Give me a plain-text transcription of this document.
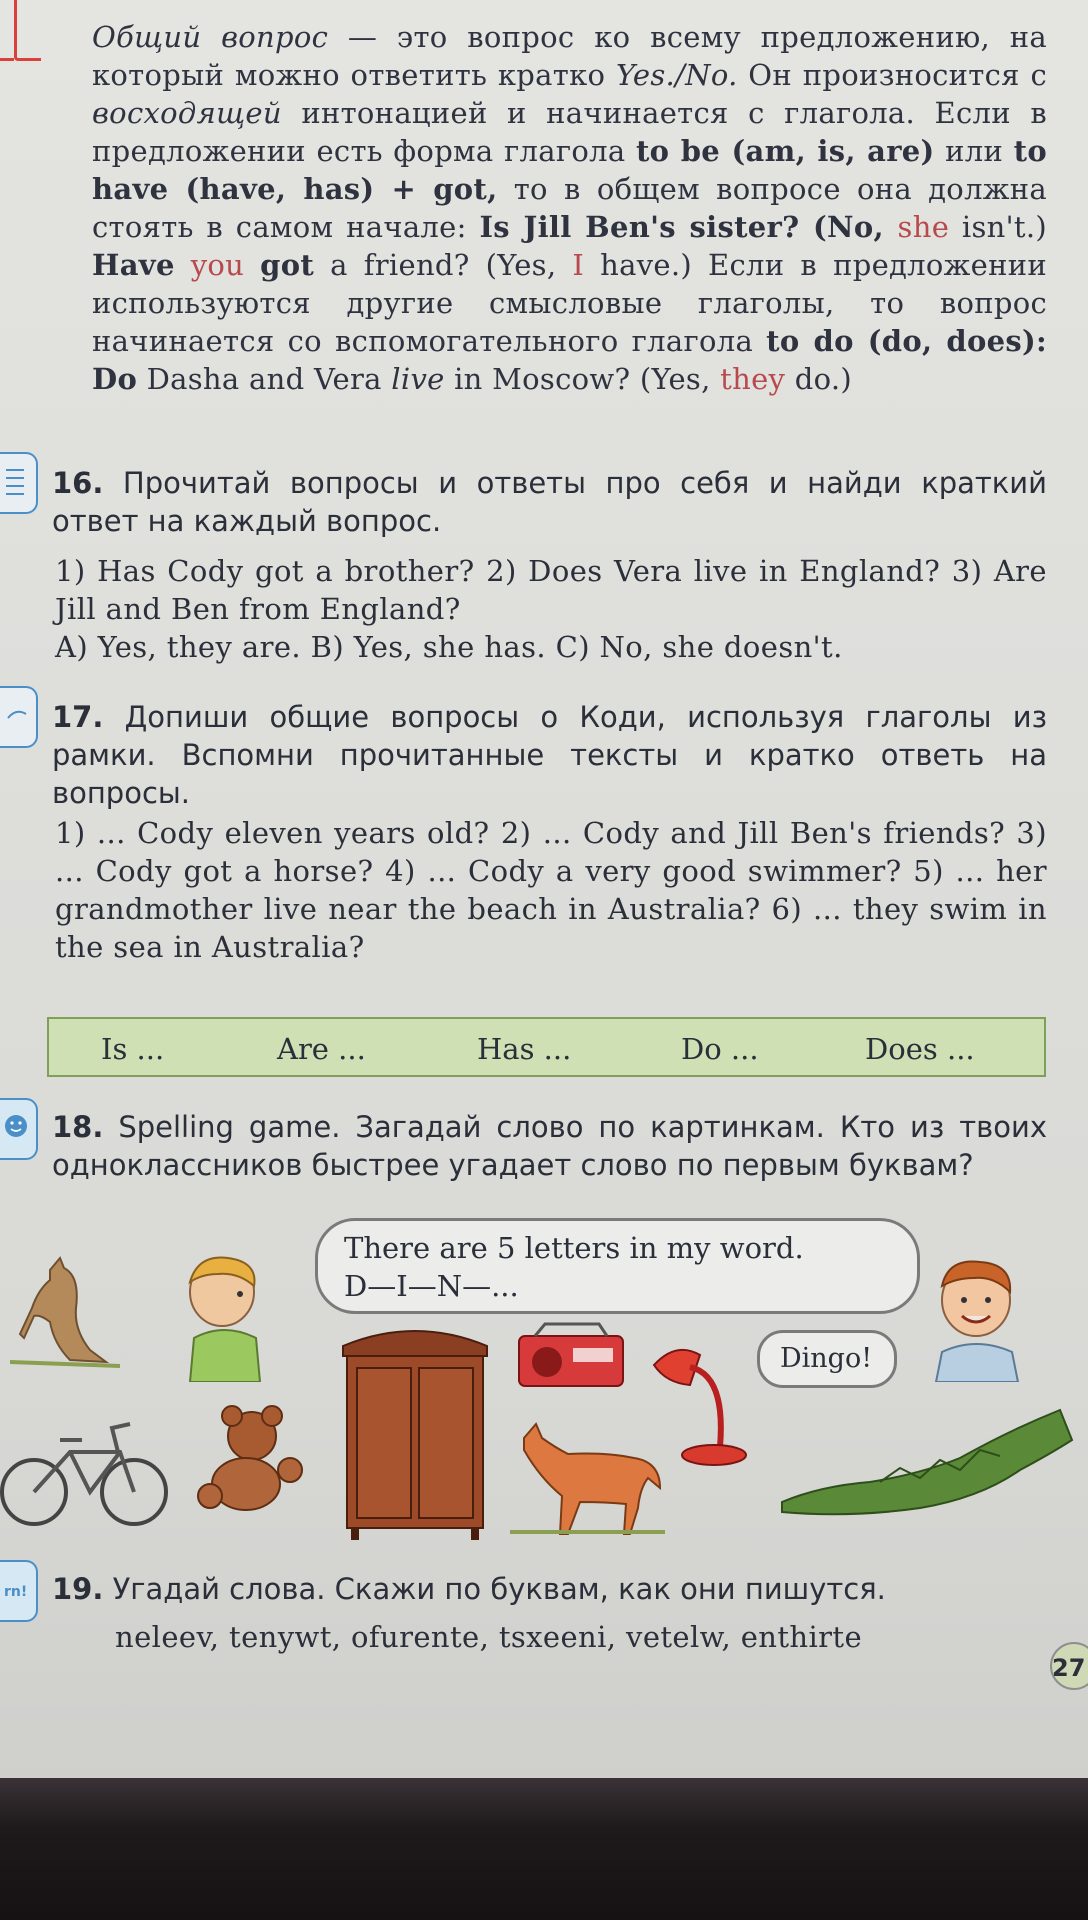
Общий вопрос — это вопрос ко всему предложению, на который можно ответить кратко Yes./No. Он произносится с восходящей интонацией и начинается с глагола. Если в предложении есть форма глагола to be (am, is, are) или to have (have, has) + got, то в общем вопросе она должна стоять в самом начале: Is Jill Ben's sister? (No, she isn't.) Have you got a friend? (Yes, I have.) Если в предложении используются другие смысловые глаголы, то вопрос начинается со вспомогательного глагола to do (do, does): Do Dasha and Vera live in Moscow? (Yes, they do.)
16. Прочитай вопросы и ответы про себя и найди краткий ответ на каждый вопрос.
1) Has Cody got a brother? 2) Does Vera live in England? 3) Are Jill and Ben from England?
A) Yes, they are. B) Yes, she has. C) No, she doesn't.
17. Допиши общие вопросы о Коди, используя глаголы из рамки. Вспомни прочитанные тексты и кратко ответь на вопросы.
1) ... Cody eleven years old? 2) ... Cody and Jill Ben's friends? 3) ... Cody got a horse? 4) ... Cody a very good swimmer? 5) ... her grandmother live near the beach in Australia? 6) ... they swim in the sea in Australia?
Is ...	Are ...	Has ...	Do ...	Does ...
18. Spelling game. Загадай слово по картинкам. Кто из твоих одноклассников быстрее угадает слово по первым буквам?
There are 5 letters in my word.
D—I—N—...
Dingo!
rn! 19. Угадай слова. Скажи по буквам, как они пишутся.
neleev, tenywt, ofurente, tsxeeni, vetelw, enthirte
27
